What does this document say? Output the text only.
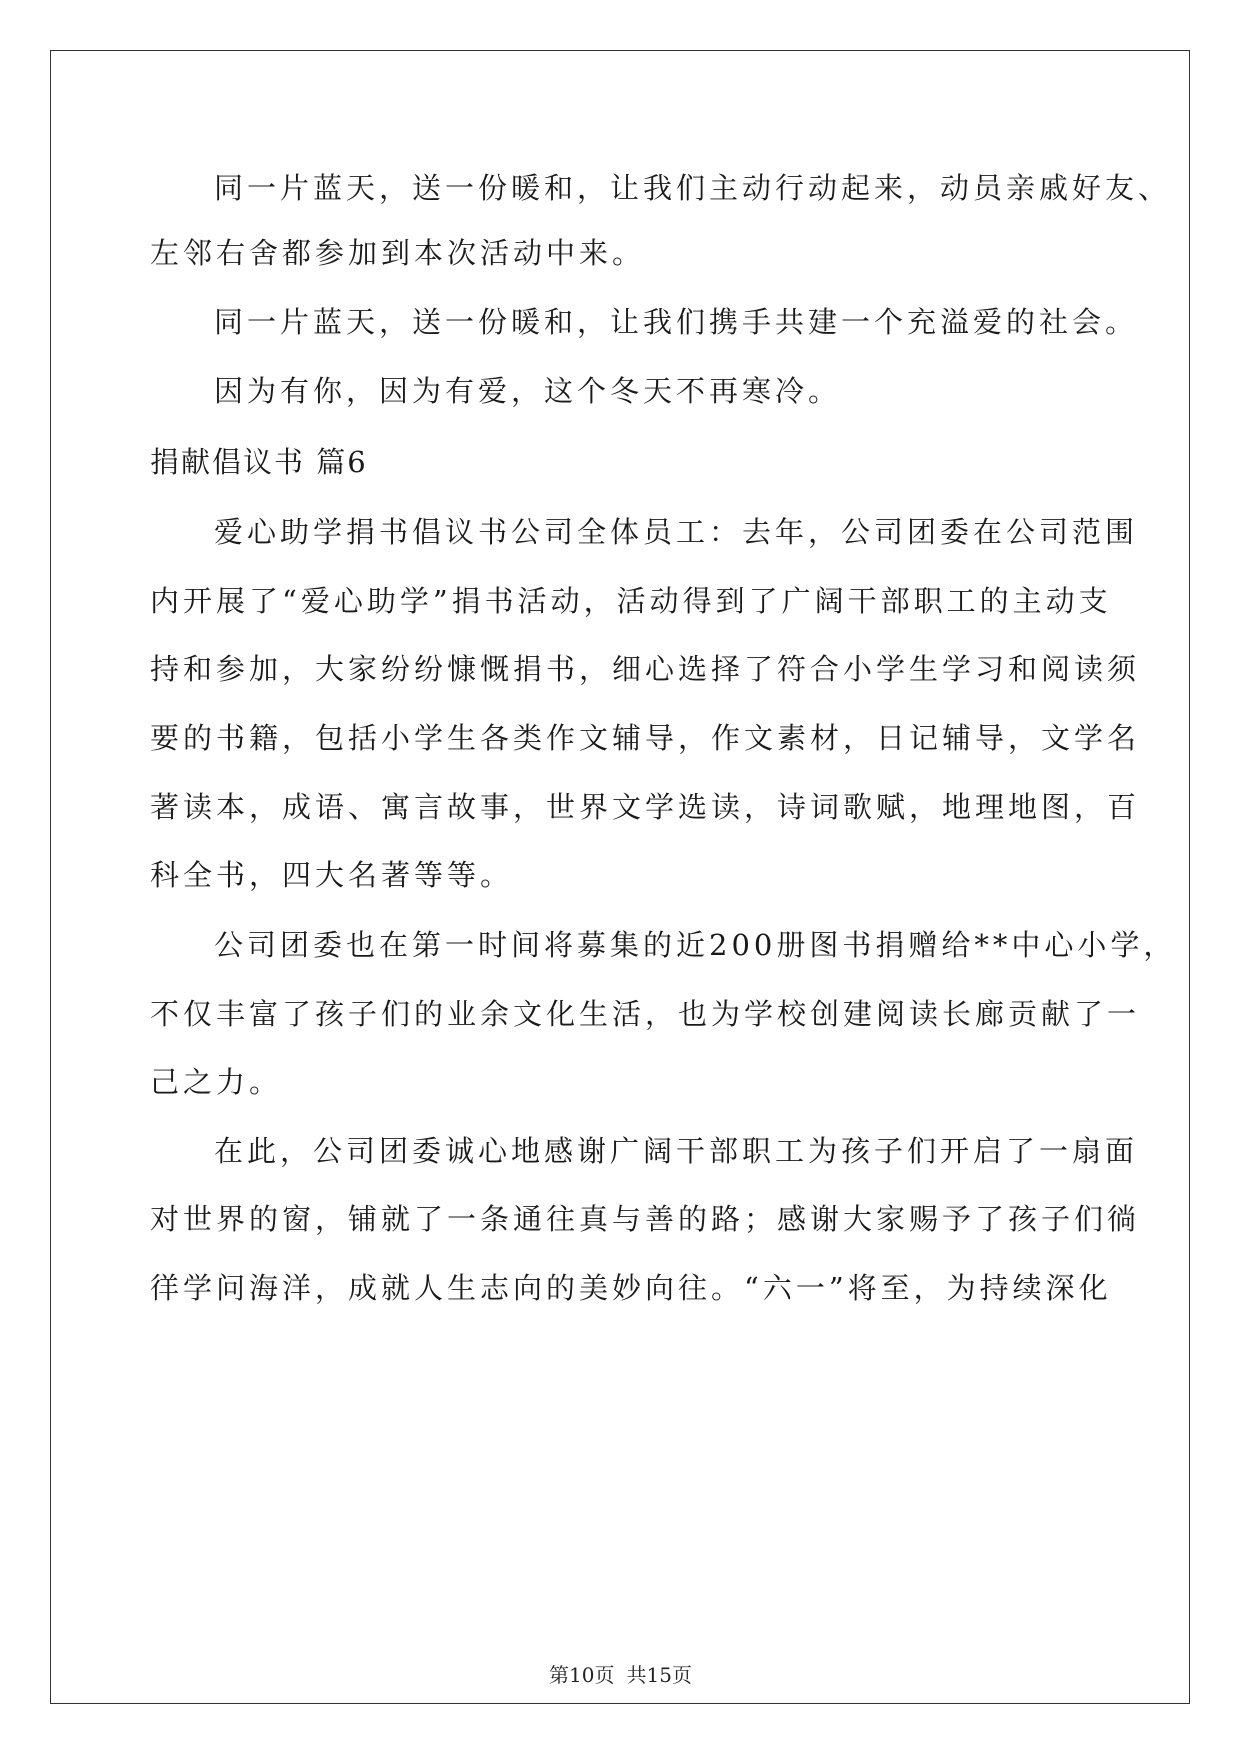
同一片蓝天，送一份暖和，让我们主动行动起来，动员亲戚好友、
左邻右舍都参加到本次活动中来。
同一片蓝天，送一份暖和，让我们携手共建一个充溢爱的社会。
因为有你，因为有爱，这个冬天不再寒冷。
捐献倡议书 篇6
爱心助学捐书倡议书公司全体员工：去年，公司团委在公司范围
内开展了“爱心助学”捐书活动，活动得到了广阔干部职工的主动支
持和参加，大家纷纷慷慨捐书，细心选择了符合小学生学习和阅读须
要的书籍，包括小学生各类作文辅导，作文素材，日记辅导，文学名
著读本，成语、寓言故事，世界文学选读，诗词歌赋，地理地图，百
科全书，四大名著等等。
公司团委也在第一时间将募集的近200册图书捐赠给**中心小学，
不仅丰富了孩子们的业余文化生活，也为学校创建阅读长廊贡献了一
己之力。
在此，公司团委诚心地感谢广阔干部职工为孩子们开启了一扇面
对世界的窗，铺就了一条通往真与善的路；感谢大家赐予了孩子们徜
徉学问海洋，成就人生志向的美妙向往。“六一”将至，为持续深化
第10页 共15页
